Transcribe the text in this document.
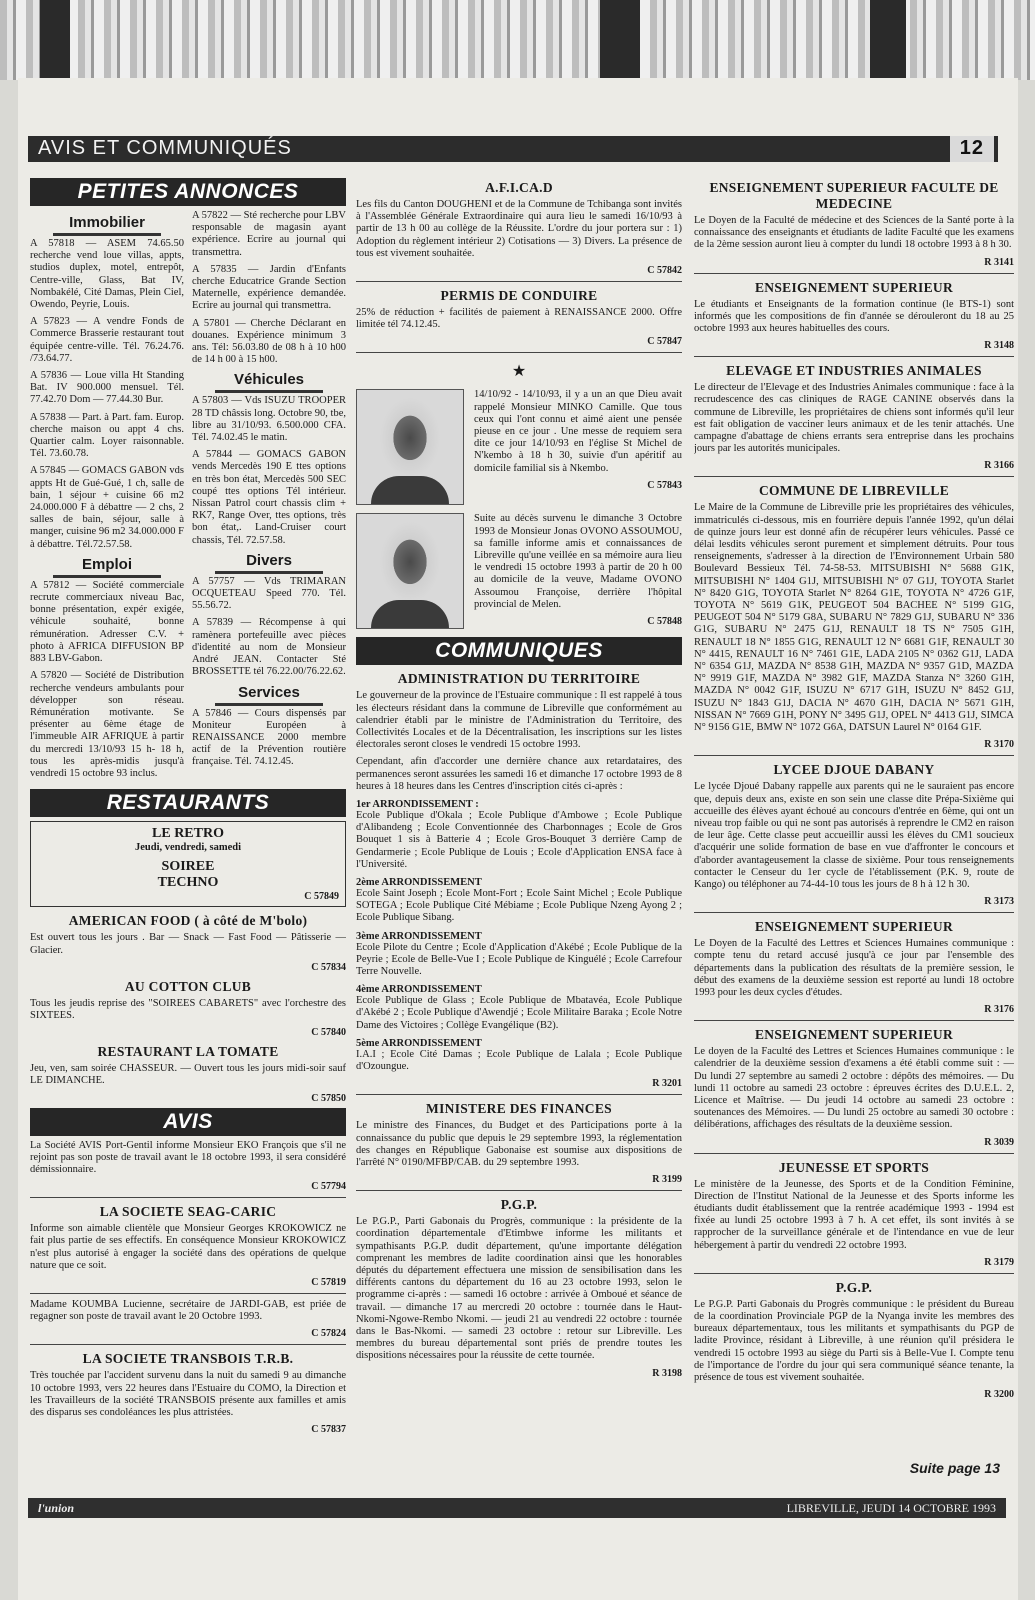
AVIS ET COMMUNIQUÉS	12
PETITES ANNONCES
Immobilier

A 57818 — ASEM 74.65.50 recherche vend loue villas, appts, studios duplex, motel, entrepôt, Centre-ville, Glass, Bat IV, Nombakélé, Cité Damas, Plein Ciel, Owendo, Peyrie, Louis.

A 57823 — A vendre Fonds de Commerce Brasserie restaurant tout équipée centre-ville. Tél. 76.24.76. /73.64.77.

A 57836 — Loue villa Ht Standing Bat. IV 900.000 mensuel. Tél. 77.42.70 Dom — 77.44.30 Bur.

A 57838 — Part. à Part. fam. Europ. cherche maison ou appt 4 chs. Quartier calm. Loyer raisonnable. Tél. 73.60.78.

A 57845 — GOMACS GABON vds appts Ht de Gué-Gué, 1 ch, salle de bain, 1 séjour + cuisine 66 m2 24.000.000 F à débattre — 2 chs, 2 salles de bain, séjour, salle à manger, cuisine 96 m2 34.000.000 F à débattre. Tél.72.57.58.

Emploi

A 57812 — Société commerciale recrute commerciaux niveau Bac, bonne présentation, expér exigée, véhicule souhaité, bonne rémunération. Adresser C.V. + photo à AFRICA DIFFUSION BP 883 LBV-Gabon.

A 57820 — Société de Distribution recherche vendeurs ambulants pour développer son réseau. Rémunération motivante. Se présenter au 6ème étage de l'immeuble AIR AFRIQUE à partir du mercredi 13/10/93 15 h- 18 h, tous les après-midis jusqu'à vendredi 15 octobre 93 inclus.

A 57822 — Sté recherche pour LBV responsable de magasin ayant expérience. Ecrire au journal qui transmettra.

A 57835 — Jardin d'Enfants cherche Educatrice Grande Section Maternelle, expérience demandée. Ecrire au journal qui transmettra.

A 57801 — Cherche Déclarant en douanes. Expérience minimum 3 ans. Tél: 56.03.80 de 08 h à 10 h00 de 14 h 00 à 15 h00.

Véhicules

A 57803 — Vds ISUZU TROOPER 28 TD châssis long. Octobre 90, tbe, libre au 31/10/93. 6.500.000 CFA. Tél. 74.02.45 le matin.

A 57844 — GOMACS GABON vends Mercedès 190 E ttes options en très bon état, Mercedès 500 SEC coupé ttes options Tél intérieur. Nissan Patrol court chassis clim + RK7, Range Over, ttes options, très bon état,. Land-Cruiser court chassis, Tél. 72.57.58.

Divers

A 57757 — Vds TRIMARAN OCQUETEAU Speed 770. Tél. 55.56.72.

A 57839 — Récompense à qui ramènera portefeuille avec pièces d'identité au nom de Monsieur André JEAN. Contacter Sté BROSSETTE tél 76.22.00/76.22.62.

Services

A 57846 — Cours dispensés par Moniteur Européen à RENAISSANCE 2000 membre actif de la Prévention routière française. Tél. 74.12.45.

RESTAURANTS
LE RETRO
Jeudi, vendredi, samedi
SOIREE
TECHNO
C 57849
AMERICAN FOOD ( à côté de M'bolo)

Est ouvert tous les jours . Bar — Snack — Fast Food — Pâtisserie — Glacier.

C 57834
AU COTTON CLUB

Tous les jeudis reprise des "SOIREES CABARETS" avec l'orchestre des SIXTEES.

C 57840
RESTAURANT LA TOMATE

Jeu, ven, sam soirée CHASSEUR. — Ouvert tous les jours midi-soir sauf LE DIMANCHE.

C 57850
AVIS

La Société AVIS Port-Gentil informe Monsieur EKO François que s'il ne rejoint pas son poste de travail avant le 18 octobre 1993, il sera considéré démissionnaire.

C 57794
LA SOCIETE SEAG-CARIC

Informe son aimable clientèle que Monsieur Georges KROKOWICZ ne fait plus partie de ses effectifs. En conséquence Monsieur KROKOWICZ n'est plus autorisé à engager la société dans des opérations de quelque nature que ce soit.

C 57819

Madame KOUMBA Lucienne, secrétaire de JARDI-GAB, est priée de regagner son poste de travail avant le 20 Octobre 1993.

C 57824
LA SOCIETE TRANSBOIS T.R.B.

Très touchée par l'accident survenu dans la nuit du samedi 9 au dimanche 10 octobre 1993, vers 22 heures dans l'Estuaire du COMO, la Direction et les Travailleurs de la société TRANSBOIS présente aux familles et amis des disparus ses condoléances les plus attristées.

C 57837
A.F.I.CA.D

Les fils du Canton DOUGHENI et de la Commune de Tchibanga sont invités à l'Assemblée Générale Extraordinaire qui aura lieu le samedi 16/10/93 à partir de 13 h 00 au collège de la Réussite. L'ordre du jour portera sur : 1) Adoption du règlement intérieur 2) Cotisations — 3) Divers. La présence de tous est vivement souhaitée.

C 57842
PERMIS DE CONDUIRE

25% de réduction + facilités de paiement à RENAISSANCE 2000. Offre limitée tél 74.12.45.

C 57847
★

14/10/92 - 14/10/93, il y a un an que Dieu avait rappelé Monsieur MINKO Camille. Que tous ceux qui l'ont connu et aimé aient une pensée pieuse en ce jour . Une messe de requiem sera dite ce jour 14/10/93 en l'église St Michel de N'kembo à 18 h 30, suivie d'un apéritif au domicile familial sis à Nkembo.

C 57843

Suite au décès survenu le dimanche 3 Octobre 1993 de Monsieur Jonas OVONO ASSOUMOU, sa famille informe amis et connaissances de Libreville qu'une veillée en sa mémoire aura lieu le vendredi 15 octobre 1993 à partir de 20 h 00 au domicile de la veuve, Madame OVONO Assoumou Françoise, derrière l'hôpital provincial de Melen.

C 57848
COMMUNIQUES
ADMINISTRATION DU TERRITOIRE

Le gouverneur de la province de l'Estuaire communique : Il est rappelé à tous les électeurs résidant dans la commune de Libreville que conformément au calendrier établi par le ministre de l'Administration du Territoire, des Collectivités Locales et de la Décentralisation, les inscriptions sur les listes électorales seront closes le vendredi 15 octobre 1993.

Cependant, afin d'accorder une dernière chance aux retardataires, des permanences seront assurées les samedi 16 et dimanche 17 octobre 1993 de 8 heures à 18 heures dans les Centres d'inscription cités ci-après :

1er ARRONDISSEMENT :

Ecole Publique d'Okala ; Ecole Publique d'Ambowe ; Ecole Publique d'Alibandeng ; Ecole Conventionnée des Charbonnages ; Ecole de Gros Bouquet 1 sis à Batterie 4 ; Ecole Gros-Bouquet 3 derrière Camp de Gendarmerie ; Ecole Publique de Louis ; Ecole d'Application ENSA face à l'Université.

2ème ARRONDISSEMENT

Ecole Saint Joseph ; Ecole Mont-Fort ; Ecole Saint Michel ; Ecole Publique SOTEGA ; Ecole Publique Cité Mébiame ; Ecole Publique Nzeng Ayong 2 ; Ecole Publique Sibang.

3ème ARRONDISSEMENT

Ecole Pilote du Centre ; Ecole d'Application d'Akébé ; Ecole Publique de la Peyrie ; Ecole de Belle-Vue I ; Ecole Publique de Kinguélé ; Ecole Carrefour Terre Nouvelle.

4ème ARRONDISSEMENT

Ecole Publique de Glass ; Ecole Publique de Mbatavéa, Ecole Publique d'Akébé 2 ; Ecole Publique d'Awendjé ; Ecole Militaire Baraka ; Ecole Notre Dame des Victoires ; Collège Evangélique (B2).

5ème ARRONDISSEMENT

I.A.I ; Ecole Cité Damas ; Ecole Publique de Lalala ; Ecole Publique d'Ozoungue.

R 3201
MINISTERE DES FINANCES

Le ministre des Finances, du Budget et des Participations porte à la connaissance du public que depuis le 29 septembre 1993, la réglementation des changes en République Gabonaise est soumise aux dispositions de l'arrêté N° 0190/MFBP/CAB. du 29 septembre 1993.

R 3199
P.G.P.

Le P.G.P., Parti Gabonais du Progrès, communique : la présidente de la coordination départementale d'Etimbwe informe les militants et sympathisants P.G.P. dudit département, qu'une importante délégation comprenant les membres de ladite coordination ainsi que les honorables députés du département effectuera une mission de sensibilisation dans les différents cantons du département du 16 au 23 octobre 1993, selon le programme ci-après : — samedi 16 octobre : arrivée à Omboué et séance de travail. — dimanche 17 au mercredi 20 octobre : tournée dans le Haut-Nkomi-Ngowe-Rembo Nkomi. — jeudi 21 au vendredi 22 octobre : tournée dans le Bas-Nkomi. — samedi 23 octobre : retour sur Libreville. Les membres du bureau départemental sont priés de prendre toutes les dispositions nécessaires pour la réussite de cette tournée.

R 3198
ENSEIGNEMENT SUPERIEUR FACULTE DE MEDECINE

Le Doyen de la Faculté de médecine et des Sciences de la Santé porte à la connaissance des enseignants et étudiants de ladite Faculté que les examens de la 2ème session auront lieu à compter du lundi 18 octobre 1993 à 8 h 30.

R 3141
ENSEIGNEMENT SUPERIEUR

Le étudiants et Enseignants de la formation continue (le BTS-1) sont informés que les compositions de fin d'année se dérouleront du 18 au 25 octobre 1993 aux heures habituelles des cours.

R 3148
ELEVAGE ET INDUSTRIES ANIMALES

Le directeur de l'Elevage et des Industries Animales communique : face à la recrudescence des cas cliniques de RAGE CANINE observés dans la commune de Libreville, les propriétaires de chiens sont informés qu'il leur est fait obligation de vacciner leurs animaux et de les tenir attachés. Une campagne d'abattage de chiens errants sera entreprise dans les prochains jours par les autorités municipales.

R 3166
COMMUNE DE LIBREVILLE

Le Maire de la Commune de Libreville prie les propriétaires des véhicules, immatriculés ci-dessous, mis en fourrière depuis l'année 1992, qu'un délai de quinze jours leur est donné afin de récupérer leurs véhicules. Passé ce délai lesdits véhicules seront purement et simplement détruits. Pour tous renseignements, s'adresser à la direction de l'Environnement Urbain 580 Boulevard Bessieux Tél. 74-58-53. MITSUBISHI N° 5688 G1K, MITSUBISHI N° 1404 G1J, MITSUBISHI N° 07 G1J, TOYOTA Starlet N° 8420 G1G, TOYOTA Starlet N° 8264 G1E, TOYOTA N° 4726 G1F, TOYOTA N° 5619 G1K, PEUGEOT 504 BACHEE N° 5199 G1G, PEUGEOT 504 N° 5179 G8A, SUBARU N° 7829 G1J, SUBARU N° 336 G1G, SUBARU N° 2475 G1J, RENAULT 18 TS N° 7505 G1H, RENAULT 18 N° 1855 G1G, RENAULT 12 N° 6681 G1F, RENAULT 30 N° 4415, RENAULT 16 N° 7461 G1E, LADA 2105 N° 0362 G1J, LADA N° 6354 G1J, MAZDA N° 8538 G1H, MAZDA N° 9357 G1D, MAZDA N° 9919 G1F, MAZDA N° 3982 G1F, MAZDA Stanza N° 3260 G1H, MAZDA N° 0042 G1F, ISUZU N° 6717 G1H, ISUZU N° 8452 G1J, ISUZU N° 1843 G1J, DACIA N° 4670 G1H, DACIA N° 5671 G1H, NISSAN N° 7669 G1H, PONY N° 3495 G1J, OPEL N° 4413 G1J, SIMCA N° 9156 G1E, BMW N° 1072 G6A, DATSUN Laurel N° 0164 G1F.

R 3170
LYCEE DJOUE DABANY

Le lycée Djoué Dabany rappelle aux parents qui ne le sauraient pas encore que, depuis deux ans, existe en son sein une classe dite Prépa-Sixième qui accueille des élèves ayant échoué au concours d'entrée en 6ème, qui ont un niveau trop faible ou qui ne sont pas autorisés à reprendre le CM2 en raison de leur âge. Cette classe peut accueillir aussi les élèves du CM1 soucieux d'acquérir une solide formation de base en vue d'affronter le concours et d'aborder avantageusement la classe de sixième. Pour tous renseignements contacter le Censeur du 1er cycle de l'établissement (P.K. 9, route de Kango) ou téléphoner au 74-44-10 tous les jours de 8 h à 12 h 30.

R 3173
ENSEIGNEMENT SUPERIEUR

Le Doyen de la Faculté des Lettres et Sciences Humaines communique : compte tenu du retard accusé jusqu'à ce jour par l'ensemble des départements dans la publication des résultats de la première session, le début des examens de la deuxième session est reporté au lundi 18 octobre 1993 pour les deux cycles d'études.

R 3176
ENSEIGNEMENT SUPERIEUR

Le doyen de la Faculté des Lettres et Sciences Humaines communique : le calendrier de la deuxième session d'examens a été établi comme suit : — Du lundi 27 septembre au samedi 2 octobre : dépôts des mémoires. — Du lundi 11 octobre au samedi 23 octobre : épreuves écrites des D.U.E.L. 2, Licence et Maîtrise. — Du jeudi 14 octobre au samedi 23 octobre : soutenances des Mémoires. — Du lundi 25 octobre au samedi 30 octobre : délibérations, affichages des résultats de la deuxième session.

R 3039
JEUNESSE ET SPORTS

Le ministère de la Jeunesse, des Sports et de la Condition Féminine, Direction de l'Institut National de la Jeunesse et des Sports informe les étudiants dudit établissement que la rentrée académique 1993 - 1994 est fixée au lundi 25 octobre 1993 à 7 h. A cet effet, ils sont invités à se rapprocher de la surveillance générale et de l'intendance en vue de leur hébergement à partir du vendredi 22 octobre 1993.

R 3179
P.G.P.

Le P.G.P. Parti Gabonais du Progrès communique : le président du Bureau de la coordination Provinciale PGP de la Nyanga invite les membres des bureaux départementaux, tous les militants et sympathisants du PGP de ladite Province, résidant à Libreville, à une réunion qu'il présidera le vendredi 15 octobre 1993 au siège du Parti sis à Belle-Vue I. Compte tenu de l'importance de l'ordre du jour qui sera communiqué séance tenante, la présence de tous est vivement souhaitée.

R 3200
Suite page 13
l'union	LIBREVILLE, JEUDI 14 OCTOBRE 1993
